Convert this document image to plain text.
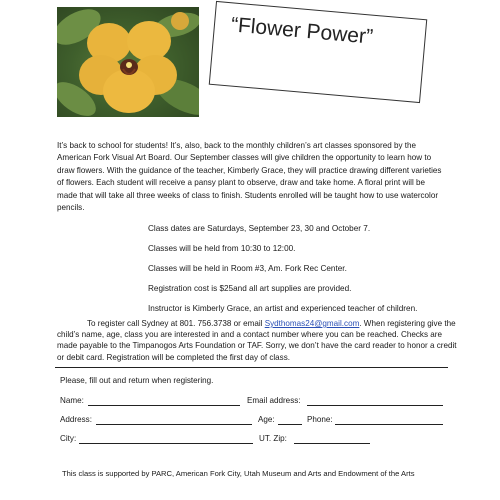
“Flower Power”

It’s back to school for students! It’s, also, back to the monthly children’s art classes sponsored by the American Fork Visual Art Board. Our September classes will give children the opportunity to learn how to draw flowers. With the guidance of the teacher, Kimberly Grace, they will practice drawing different varieties of flowers. Each student will receive a pansy plant to observe, draw and take home. A floral print will be made that will take all three weeks of class to finish. Students enrolled will be taught how to use watercolor pencils.

Class dates are Saturdays, September 23, 30 and October 7.

Classes will be held from 10:30 to 12:00.

Classes will be held in Room #3, Am. Fork Rec Center.

Registration cost is $25and all art supplies are provided.

Instructor is Kimberly Grace, an artist and experienced teacher of children.

To register call Sydney at 801. 756.3738 or email Sydthomas24@gmail.com. When registering give the child’s name, age, class you are interested in and a contact number where you can be reached. Checks are made payable to the Timpanogos Arts Foundation or TAF. Sorry, we don’t have the card reader to honor a credit or debit card. Registration will be completed the first day of class.

Please, fill out and return when registering.

Name:	Email address:
Address:	Age:	Phone:
City:	UT. Zip:

This class is supported by PARC, American Fork City, Utah Museum and Arts and Endowment of the Arts
